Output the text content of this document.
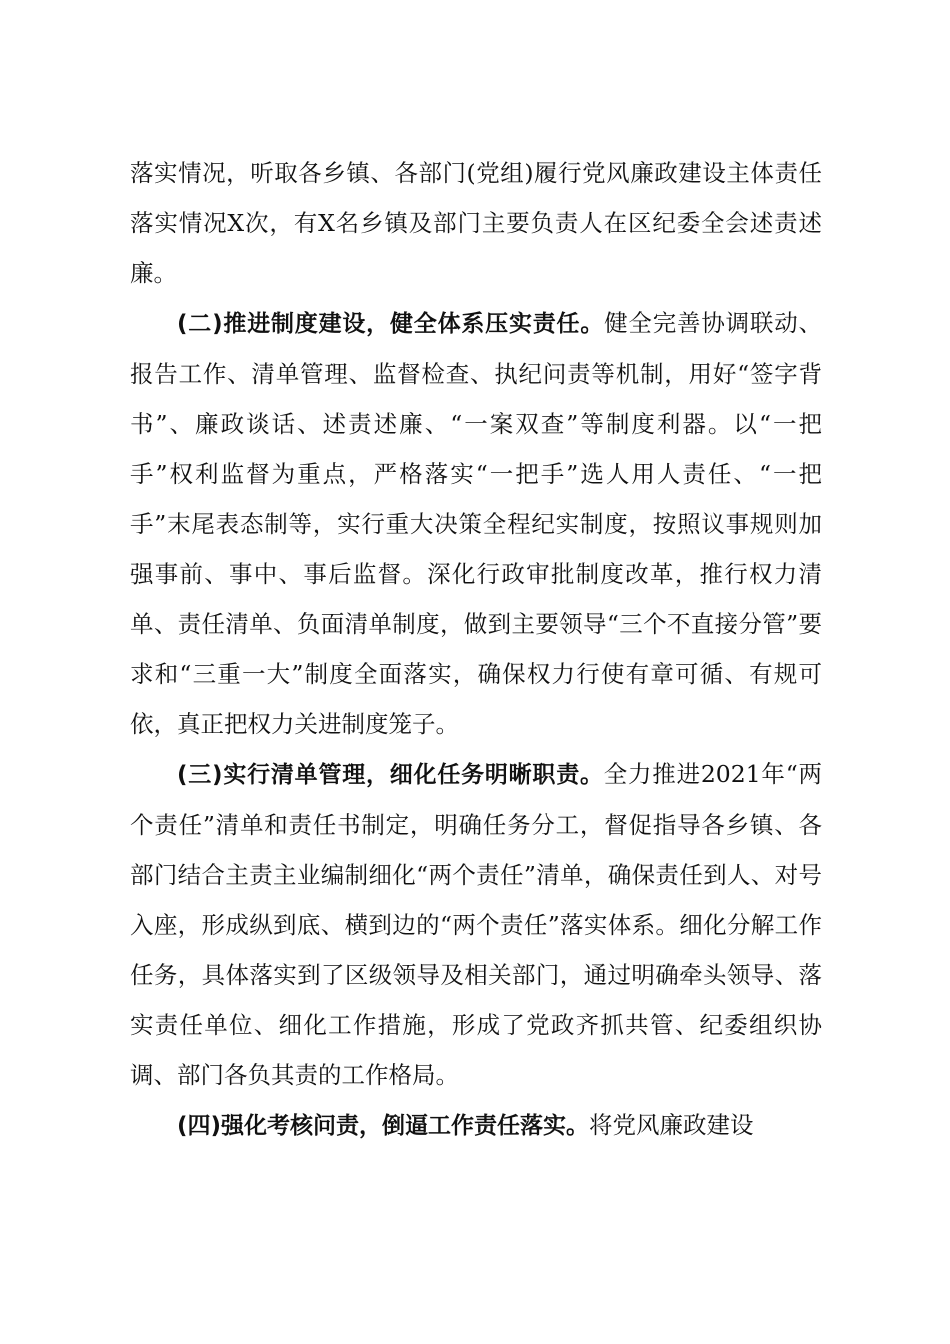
落实情况，听取各乡镇、各部门(党组)履行党风廉政建设主体责任落实情况X次，有X名乡镇及部门主要负责人在区纪委全会述责述廉。

(二)推进制度建设，健全体系压实责任。健全完善协调联动、报告工作、清单管理、监督检查、执纪问责等机制，用好“签字背书”、廉政谈话、述责述廉、“一案双查”等制度利器。以“一把手”权利监督为重点，严格落实“一把手”选人用人责任、“一把手”末尾表态制等，实行重大决策全程纪实制度，按照议事规则加强事前、事中、事后监督。深化行政审批制度改革，推行权力清单、责任清单、负面清单制度，做到主要领导“三个不直接分管”要求和“三重一大”制度全面落实，确保权力行使有章可循、有规可依，真正把权力关进制度笼子。

(三)实行清单管理，细化任务明晰职责。全力推进2021年“两个责任”清单和责任书制定，明确任务分工，督促指导各乡镇、各部门结合主责主业编制细化“两个责任”清单，确保责任到人、对号入座，形成纵到底、横到边的“两个责任”落实体系。细化分解工作任务，具体落实到了区级领导及相关部门，通过明确牵头领导、落实责任单位、细化工作措施，形成了党政齐抓共管、纪委组织协调、部门各负其责的工作格局。

(四)强化考核问责，倒逼工作责任落实。将党风廉政建设
